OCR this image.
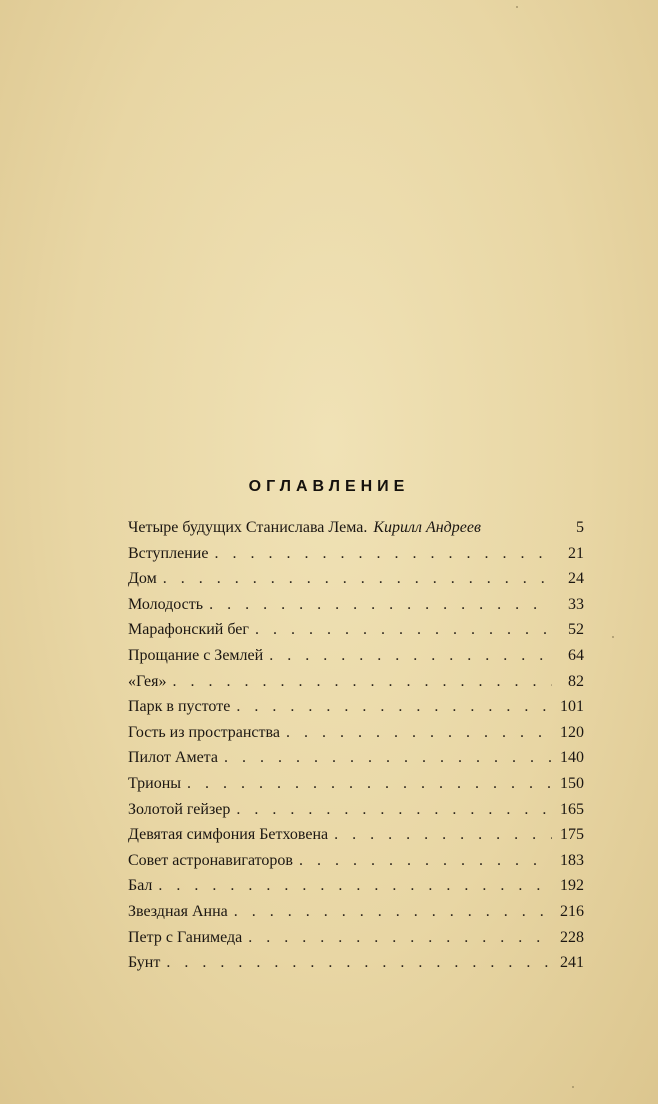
ОГЛАВЛЕНИЕ
Четыре будущих Станислава Лема. Кирилл Андреев	5
Вступление . . .	21
Дом . . .	24
Молодость . . .	33
Марафонский бег . . .	52
Прощание с Землей . . .	64
«Гея» . . .	82
Парк в пустоте . . .	101
Гость из пространства . . .	120
Пилот Амета . . .	140
Трионы . . .	150
Золотой гейзер . . .	165
Девятая симфония Бетховена . . .	175
Совет астронавигаторов . . .	183
Бал . . .	192
Звездная Анна . . .	216
Петр с Ганимеда . . .	228
Бунт . . .	241
